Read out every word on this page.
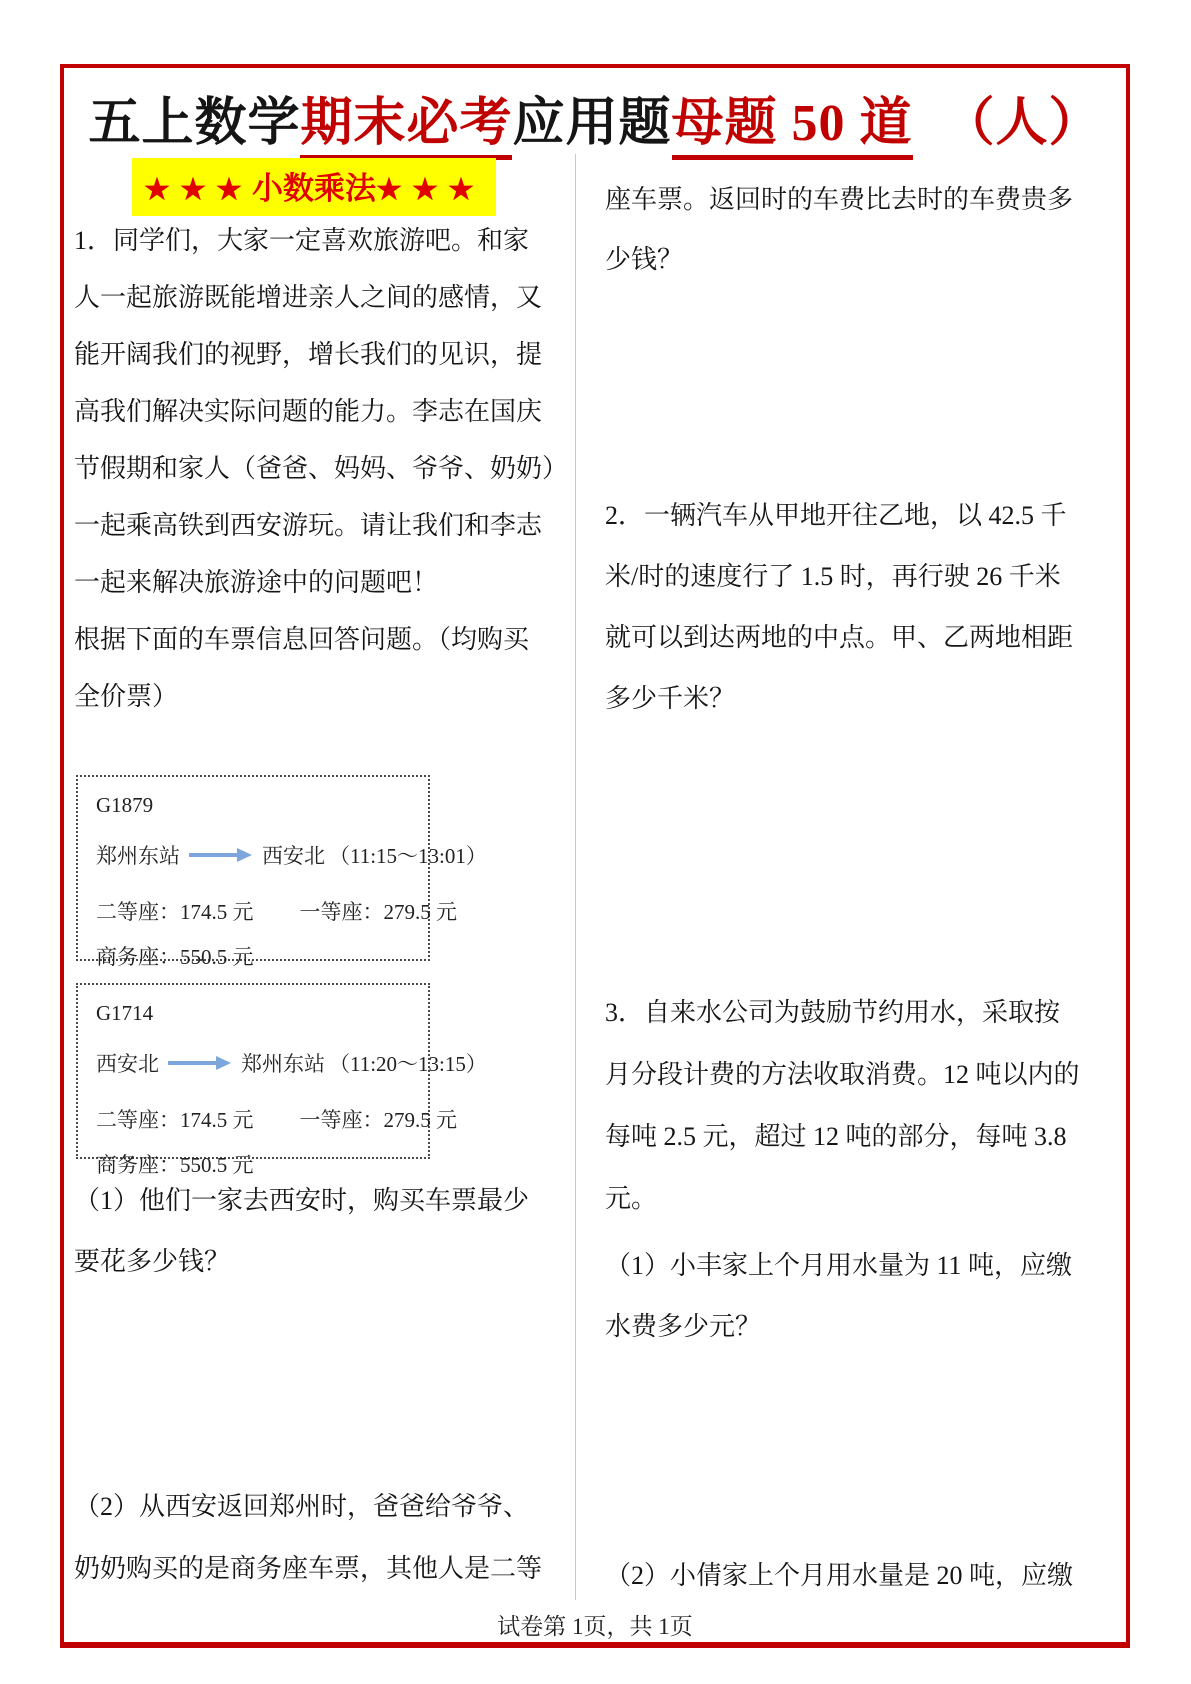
五上数学期末必考应用题母题 50 道 （人）
★★★小数乘法★★★
1．同学们，大家一定喜欢旅游吧。和家
人一起旅游既能增进亲人之间的感情，又
能开阔我们的视野，增长我们的见识，提
高我们解决实际问题的能力。李志在国庆
节假期和家人（爸爸、妈妈、爷爷、奶奶）
一起乘高铁到西安游玩。请让我们和李志
一起来解决旅游途中的问题吧！
根据下面的车票信息回答问题。（均购买
全价票）
G1879
郑州东站	西安北 （11:15～13:01）
二等座：174.5 元 一等座：279.5 元
商务座：550.5 元
G1714
西安北	郑州东站 （11:20～13:15）
二等座：174.5 元 一等座：279.5 元
商务座：550.5 元
（1）他们一家去西安时，购买车票最少
要花多少钱？
（2）从西安返回郑州时，爸爸给爷爷、
奶奶购买的是商务座车票，其他人是二等
座车票。返回时的车费比去时的车费贵多
少钱？
2．一辆汽车从甲地开往乙地，以 42.5 千
米/时的速度行了 1.5 时，再行驶 26 千米
就可以到达两地的中点。甲、乙两地相距
多少千米？
3．自来水公司为鼓励节约用水，采取按
月分段计费的方法收取消费。12 吨以内的
每吨 2.5 元，超过 12 吨的部分，每吨 3.8
元。
（1）小丰家上个月用水量为 11 吨，应缴
水费多少元？
（2）小倩家上个月用水量是 20 吨，应缴
试卷第 1页，共 1页
